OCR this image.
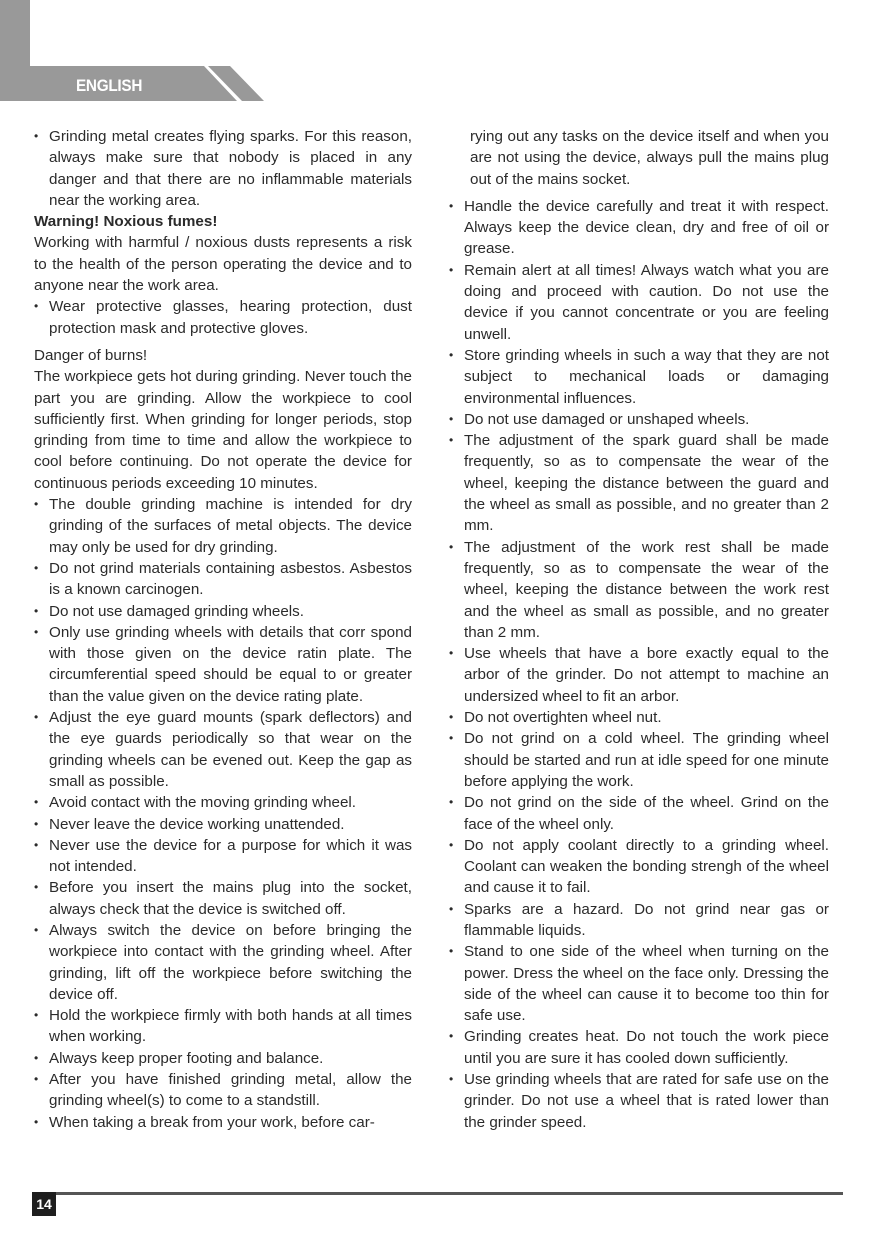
ENGLISH
• Grinding metal creates flying sparks. For this reason, always make sure that nobody is placed in any danger and that there are no inflammable materials near the working area.
Warning! Noxious fumes!
Working with harmful / noxious dusts represents a risk to the health of the person operating the device and to anyone near the work area.
• Wear protective glasses, hearing protection, dust protection mask and protective gloves.
Danger of burns!
The workpiece gets hot during grinding. Never touch the part you are grinding. Allow the workpiece to cool sufficiently first. When grinding for longer periods, stop grinding from time to time and allow the workpiece to cool before continuing. Do not operate the device for continuous periods exceeding 10 minutes.
• The double grinding machine is intended for dry grinding of the surfaces of metal objects. The device may only be used for dry grinding.
• Do not grind materials containing asbestos. Asbestos is a known carcinogen.
• Do not use damaged grinding wheels.
• Only use grinding wheels with details that corr spond with those given on the device ratin plate. The circumferential speed should be equal to or greater than the value given on the device rating plate.
• Adjust the eye guard mounts (spark deflectors) and the eye guards periodically so that wear on the grinding wheels can be evened out. Keep the gap as small as possible.
• Avoid contact with the moving grinding wheel.
• Never leave the device working unattended.
• Never use the device for a purpose for which it was not intended.
• Before you insert the mains plug into the socket, always check that the device is switched off.
• Always switch the device on before bringing the workpiece into contact with the grinding wheel. After grinding, lift off the workpiece before switching the device off.
• Hold the workpiece firmly with both hands at all times when working.
• Always keep proper footing and balance.
• After you have finished grinding metal, allow the grinding wheel(s) to come to a standstill.
• When taking a break from your work, before car-
rying out any tasks on the device itself and when you are not using the device, always pull the mains plug out of the mains socket.
• Handle the device carefully and treat it with respect. Always keep the device clean, dry and free of oil or grease.
• Remain alert at all times! Always watch what you are doing and proceed with caution. Do not use the device if you cannot concentrate or you are feeling unwell.
• Store grinding wheels in such a way that they are not subject to mechanical loads or damaging environmental influences.
• Do not use damaged or unshaped wheels.
• The adjustment of the spark guard shall be made frequently, so as to compensate the wear of the wheel, keeping the distance between the guard and the wheel as small as possible, and no greater than 2 mm.
• The adjustment of the work rest shall be made frequently, so as to compensate the wear of the wheel, keeping the distance between the work rest and the wheel as small as possible, and no greater than 2 mm.
• Use wheels that have a bore exactly equal to the arbor of the grinder. Do not attempt to machine an undersized wheel to fit an arbor.
• Do not overtighten wheel nut.
• Do not grind on a cold wheel. The grinding wheel should be started and run at idle speed for one minute before applying the work.
• Do not grind on the side of the wheel. Grind on the face of the wheel only.
• Do not apply coolant directly to a grinding wheel. Coolant can weaken the bonding strengh of the wheel and cause it to fail.
• Sparks are a hazard. Do not grind near gas or flammable liquids.
• Stand to one side of the wheel when turning on the power. Dress the wheel on the face only. Dressing the side of the wheel can cause it to become too thin for safe use.
• Grinding creates heat. Do not touch the work piece until you are sure it has cooled down sufficiently.
• Use grinding wheels that are rated for safe use on the grinder. Do not use a wheel that is rated lower than the grinder speed.
14
